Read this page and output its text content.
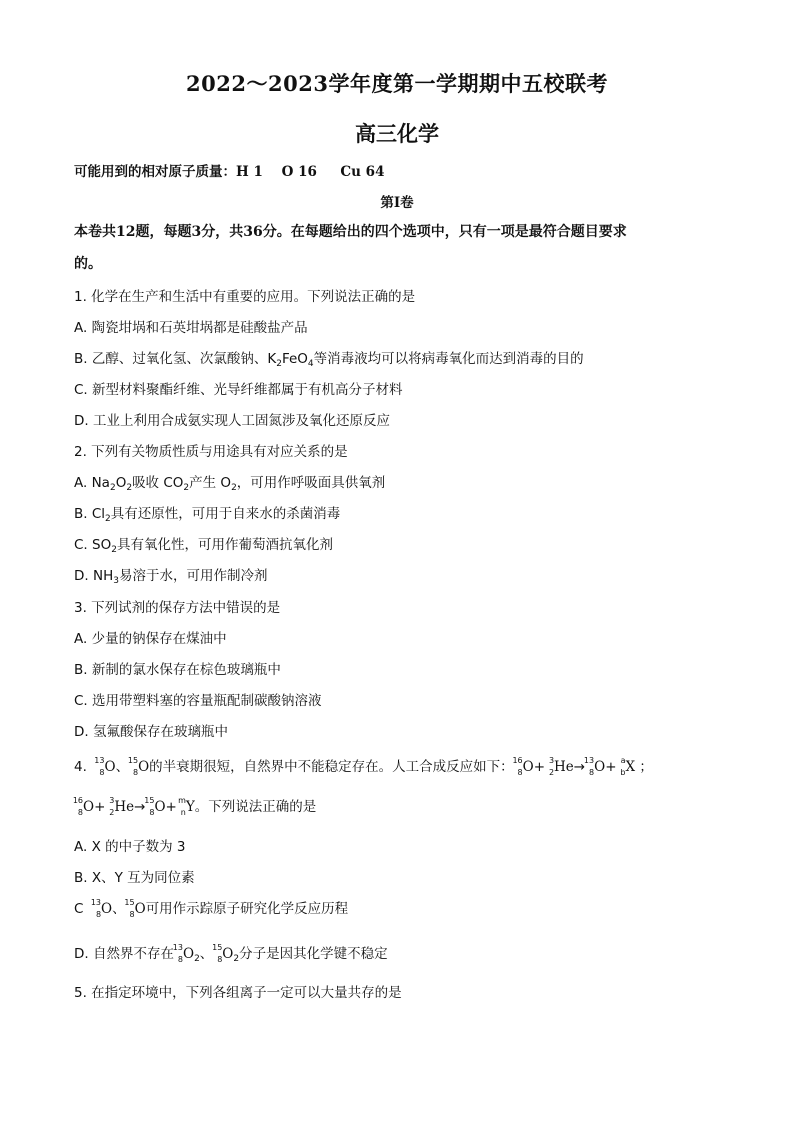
2022～2023学年度第一学期期中五校联考
高三化学
可能用到的相对原子质量：H 1 O 16 Cu 64
第I卷
本卷共12题，每题3分，共36分。在每题给出的四个选项中，只有一项是最符合题目要求
的。
1. 化学在生产和生活中有重要的应用。下列说法正确的是
A. 陶瓷坩埚和石英坩埚都是硅酸盐产品
B. 乙醇、过氧化氢、次氯酸钠、$K_2FeO_4$等消毒液均可以将病毒氧化而达到消毒的目的
C. 新型材料聚酯纤维、光导纤维都属于有机高分子材料
D. 工业上利用合成氨实现人工固氮涉及氧化还原反应
2. 下列有关物质性质与用途具有对应关系的是
A. $Na_2O_2$吸收 $CO_2$产生 $O_2$，可用作呼吸面具供氧剂
B. $Cl_2$具有还原性，可用于自来水的杀菌消毒
C. $SO_2$具有氧化性，可用作葡萄酒抗氧化剂
D. $NH_3$易溶于水，可用作制冷剂
3. 下列试剂的保存方法中错误的是
A. 少量的钠保存在煤油中
B. 新制的氯水保存在棕色玻璃瓶中
C. 选用带塑料塞的容量瓶配制碳酸钠溶液
D. 氢氟酸保存在玻璃瓶中
4. 13
8 O、
15
8 O的半衰期很短，自然界中不能稳定存在。人工合成反应如下：
16
8 O+ 3
2 He→
13
8 O+ a
b X ；
16
8 O+ 3
2 He→
15
8 O+ m
n Y。下列说法正确的是
A. X 的中子数为 3
B. X、Y 互为同位素
C 13
8 O、
15
8 O可用作示踪原子研究化学反应历程
D. 自然界不存在
13
8 $O_2$、
15
8 $O_2$分子是因其化学键不稳定
5. 在指定环境中，下列各组离子一定可以大量共存的是
